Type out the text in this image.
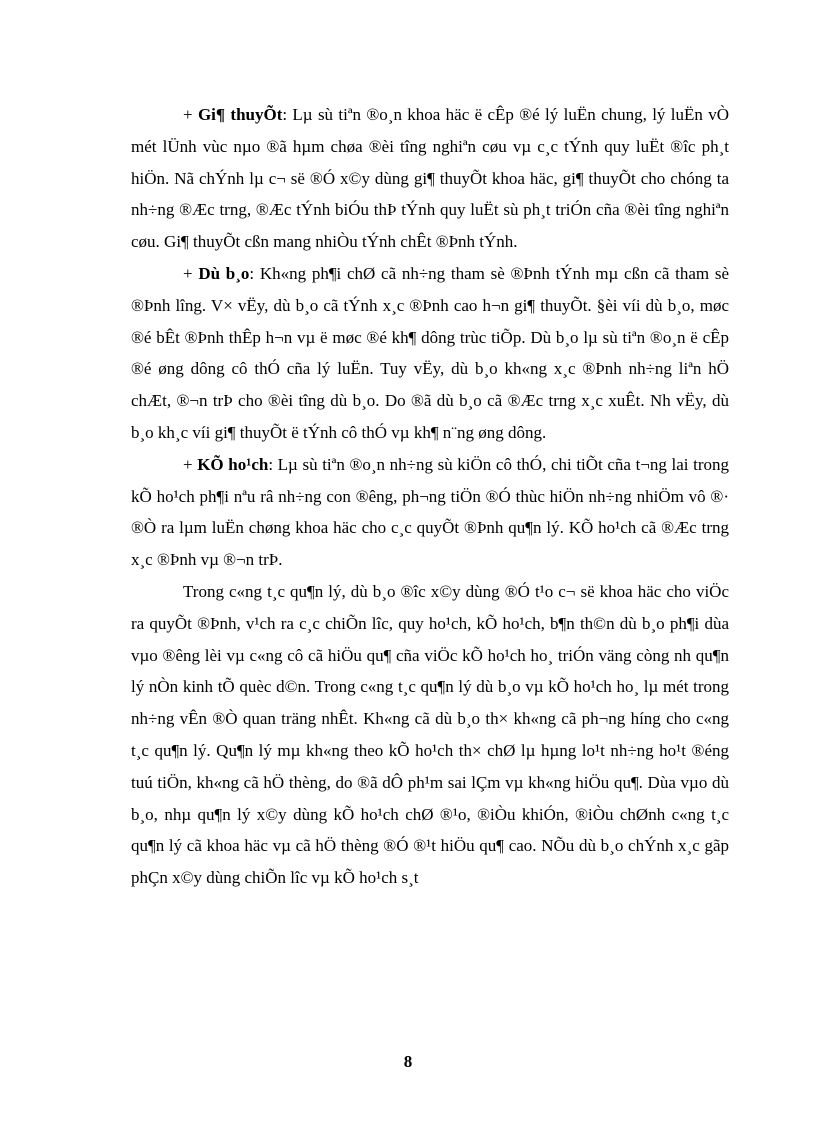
+ Gi¶ thuyÕt: Lµ sù tiªn ®o¸n khoa häc ë cÊp ®é lý luËn chung, lý luËn vÒ mét lÜnh vùc nµo ®ã hµm chøa ®èi tîng nghiªn cøu vµ c¸c tÝnh quy luËt ®îc ph¸t hiÖn. Nã chÝnh lµ c¬ së ®Ó x©y dùng gi¶ thuyÕt khoa häc, gi¶ thuyÕt cho chóng ta nh÷ng ®Æc trng, ®Æc tÝnh biÓu thÞ tÝnh quy luËt sù ph¸t triÓn cña ®èi tîng nghiªn cøu. Gi¶ thuyÕt cßn mang nhiÒu tÝnh chÊt ®Þnh tÝnh.

+ Dù b¸o: Kh«ng ph¶i chØ cã nh÷ng tham sè ®Þnh tÝnh mµ cßn cã tham sè ®Þnh lîng. V× vËy, dù b¸o cã tÝnh x¸c ®Þnh cao h¬n gi¶ thuyÕt. §èi víi dù b¸o, møc ®é bÊt ®Þnh thÊp h¬n vµ ë møc ®é kh¶ dông trùc tiÕp. Dù b¸o lµ sù tiªn ®o¸n ë cÊp ®é øng dông cô thÓ cña lý luËn. Tuy vËy, dù b¸o kh«ng x¸c ®Þnh nh÷ng liªn hÖ chÆt, ®¬n trÞ cho ®èi tîng dù b¸o. Do ®ã dù b¸o cã ®Æc trng x¸c xuÊt. Nh vËy, dù b¸o kh¸c víi gi¶ thuyÕt ë tÝnh cô thÓ vµ kh¶ n¨ng øng dông.

+ KÕ ho¹ch: Lµ sù tiªn ®o¸n nh÷ng sù kiÖn cô thÓ, chi tiÕt cña t¬ng lai trong kÕ ho¹ch ph¶i nªu râ nh÷ng con ®êng, ph¬ng tiÖn ®Ó thùc hiÖn nh÷ng nhiÖm vô ®· ®Ò ra lµm luËn chøng khoa häc cho c¸c quyÕt ®Þnh qu¶n lý. KÕ ho¹ch cã ®Æc trng x¸c ®Þnh vµ ®¬n trÞ.

Trong c«ng t¸c qu¶n lý, dù b¸o ®îc x©y dùng ®Ó t¹o c¬ së khoa häc cho viÖc ra quyÕt ®Þnh, v¹ch ra c¸c chiÕn lîc, quy ho¹ch, kÕ ho¹ch, b¶n th©n dù b¸o ph¶i dùa vµo ®êng lèi vµ c«ng cô cã hiÖu qu¶ cña viÖc kÕ ho¹ch ho¸ triÓn väng còng nh qu¶n lý nÒn kinh tÕ quèc d©n. Trong c«ng t¸c qu¶n lý dù b¸o vµ kÕ ho¹ch ho¸ lµ mét trong nh÷ng vÊn ®Ò quan träng nhÊt. Kh«ng cã dù b¸o th× kh«ng cã ph¬ng híng cho c«ng t¸c qu¶n lý. Qu¶n lý mµ kh«ng theo kÕ ho¹ch th× chØ lµ hµng lo¹t nh÷ng ho¹t ®éng tuú tiÖn, kh«ng cã hÖ thèng, do ®ã dÔ ph¹m sai lÇm vµ kh«ng hiÖu qu¶. Dùa vµo dù b¸o, nhµ qu¶n lý x©y dùng kÕ ho¹ch chØ ®¹o, ®iÒu khiÓn, ®iÒu chØnh c«ng t¸c qu¶n lý cã khoa häc vµ cã hÖ thèng ®Ó ®¹t hiÖu qu¶ cao. NÕu dù b¸o chÝnh x¸c gãp phÇn x©y dùng chiÕn lîc vµ kÕ ho¹ch s¸t

8
